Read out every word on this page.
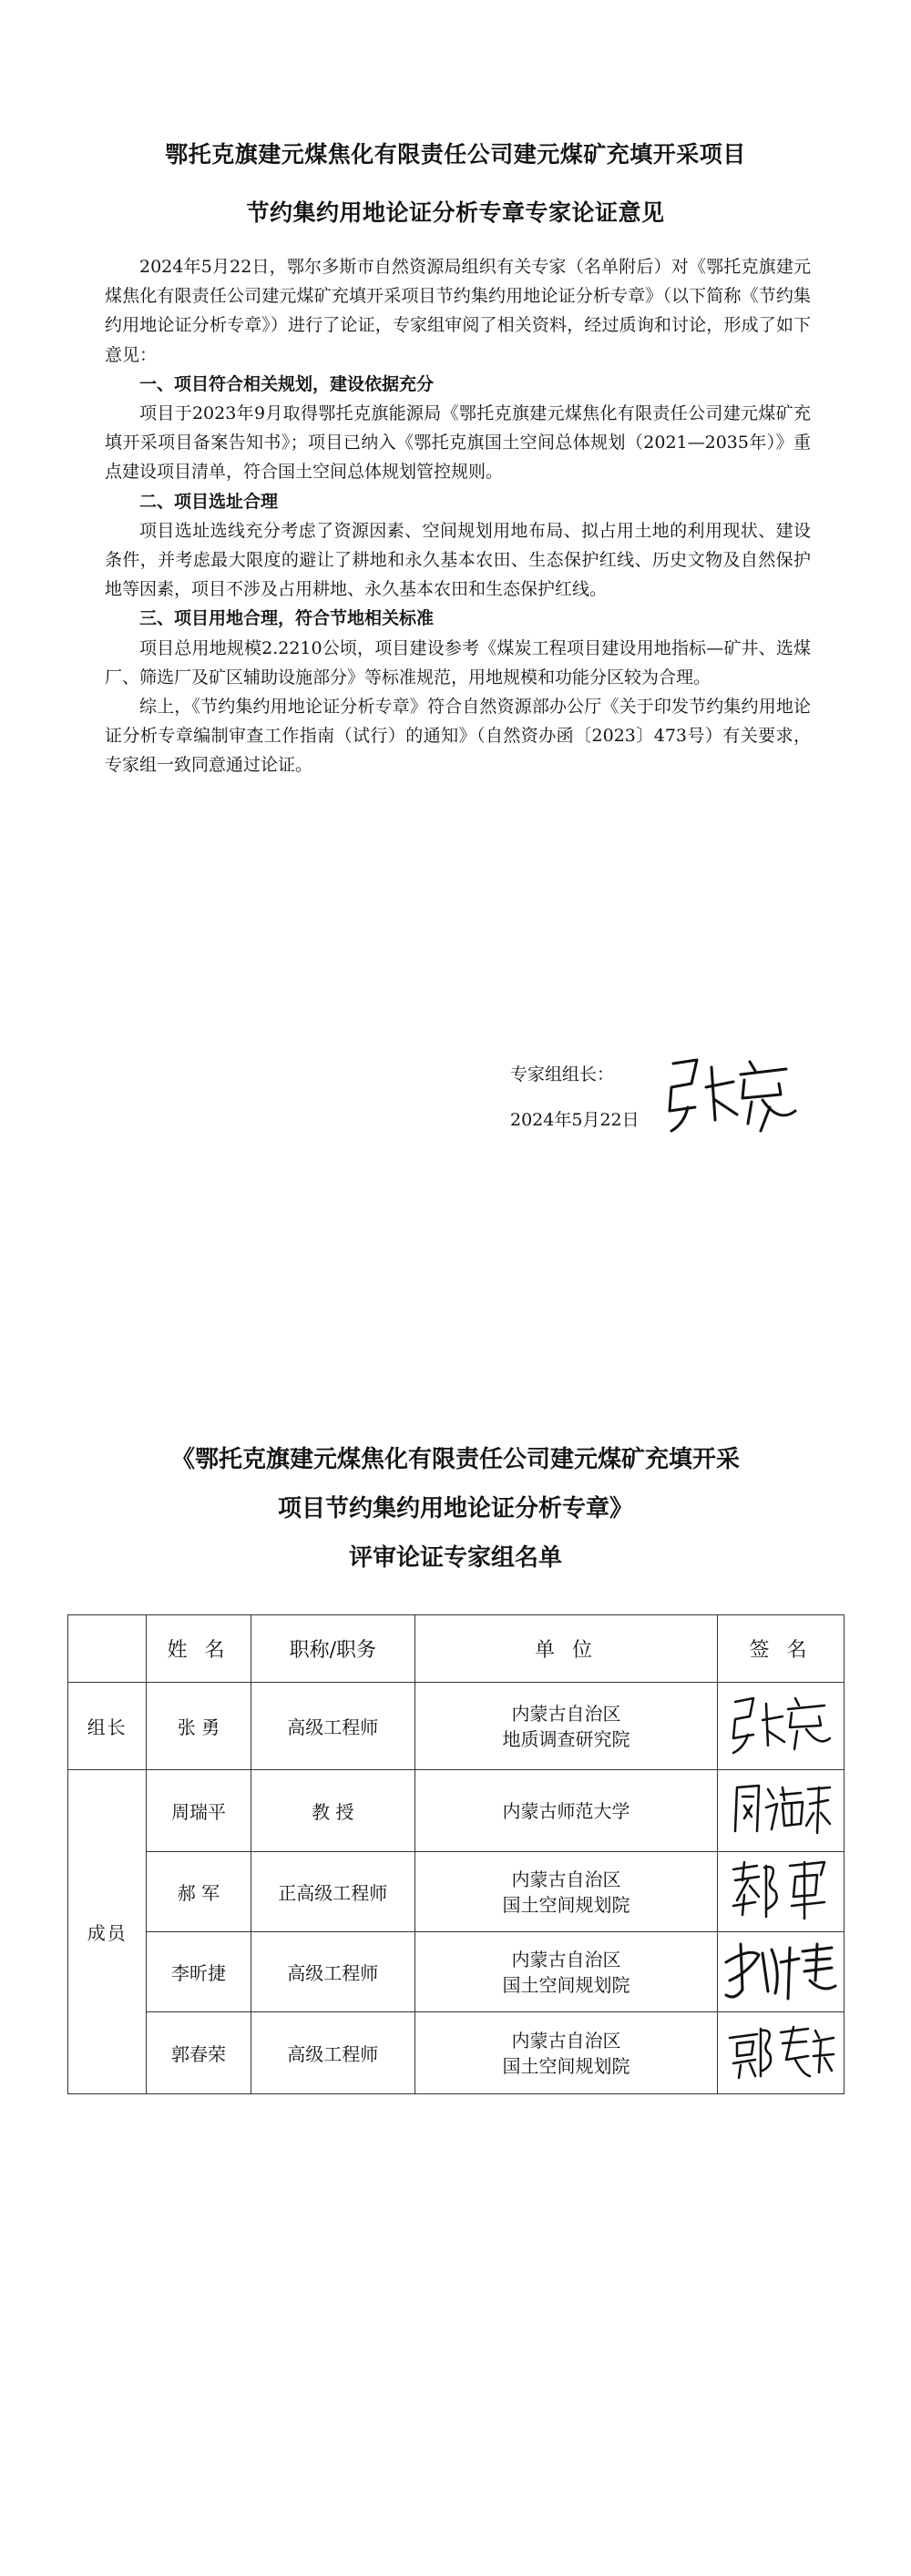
鄂托克旗建元煤焦化有限责任公司建元煤矿充填开采项目
节约集约用地论证分析专章专家论证意见

2024年5月22日，鄂尔多斯市自然资源局组织有关专家（名单附后）对《鄂托克旗建元煤焦化有限责任公司建元煤矿充填开采项目节约集约用地论证分析专章》（以下简称《节约集约用地论证分析专章》）进行了论证，专家组审阅了相关资料，经过质询和讨论，形成了如下意见：

一、项目符合相关规划，建设依据充分

项目于2023年9月取得鄂托克旗能源局《鄂托克旗建元煤焦化有限责任公司建元煤矿充填开采项目备案告知书》；项目已纳入《鄂托克旗国土空间总体规划（2021—2035年）》重点建设项目清单，符合国土空间总体规划管控规则。

二、项目选址合理

项目选址选线充分考虑了资源因素、空间规划用地布局、拟占用土地的利用现状、建设条件，并考虑最大限度的避让了耕地和永久基本农田、生态保护红线、历史文物及自然保护地等因素，项目不涉及占用耕地、永久基本农田和生态保护红线。

三、项目用地合理，符合节地相关标准

项目总用地规模2.2210公顷，项目建设参考《煤炭工程项目建设用地指标—矿井、选煤厂、筛选厂及矿区辅助设施部分》等标准规范，用地规模和功能分区较为合理。

综上，《节约集约用地论证分析专章》符合自然资源部办公厅《关于印发节约集约用地论证分析专章编制审查工作指南（试行）的通知》（自然资办函〔2023〕473号）有关要求，专家组一致同意通过论证。

专家组组长：
2024年5月22日
《鄂托克旗建元煤焦化有限责任公司建元煤矿充填开采
项目节约集约用地论证分析专章》
评审论证专家组名单
	姓 名	职称/职务	单 位	签 名
组长	张 勇	高级工程师	内蒙古自治区
地质调查研究院

成员	周瑞平	教 授	内蒙古师范大学

	郝 军	正高级工程师	内蒙古自治区
国土空间规划院

	李昕捷	高级工程师	内蒙古自治区
国土空间规划院

	郭春荣	高级工程师	内蒙古自治区
国土空间规划院
